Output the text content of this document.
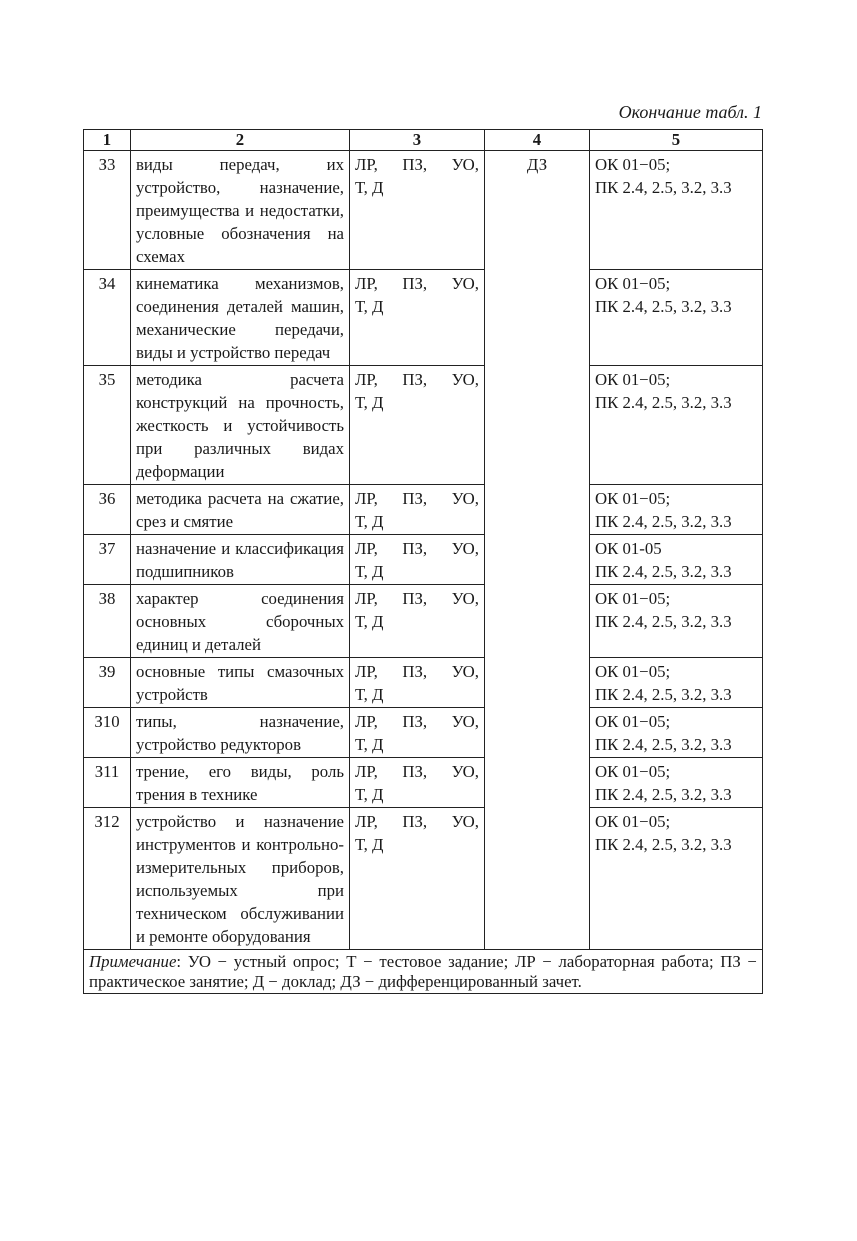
Окончание табл. 1
1	2	3	4	5
З3	виды передач, их устройство, назначение, преимущества и недостатки, условные обозначения на схемах	ЛР, ПЗ, УО,
Т, Д	ДЗ	ОК 01−05;
ПК 2.4, 2.5, 3.2, 3.3

З4	кинематика механизмов, соединения деталей машин, механические передачи, виды и устройство передач	ЛР, ПЗ, УО,
Т, Д		ОК 01−05;
ПК 2.4, 2.5, 3.2, 3.3

З5	методика расчета конструкций на прочность, жесткость и устойчивость при различных видах деформации	ЛР, ПЗ, УО,
Т, Д		ОК 01−05;
ПК 2.4, 2.5, 3.2, 3.3

З6	методика расчета на сжатие, срез и смятие	ЛР, ПЗ, УО,
Т, Д		ОК 01−05;
ПК 2.4, 2.5, 3.2, 3.3

З7	назначение и классификация подшипников	ЛР, ПЗ, УО,
Т, Д		ОК 01-05
ПК 2.4, 2.5, 3.2, 3.3

З8	характер соединения основных сборочных единиц и деталей	ЛР, ПЗ, УО,
Т, Д		ОК 01−05;
ПК 2.4, 2.5, 3.2, 3.3

З9	основные типы смазочных устройств	ЛР, ПЗ, УО,
Т, Д		ОК 01−05;
ПК 2.4, 2.5, 3.2, 3.3

З10	типы, назначение, устройство редукторов	ЛР, ПЗ, УО,
Т, Д		ОК 01−05;
ПК 2.4, 2.5, 3.2, 3.3

З11	трение, его виды, роль трения в технике	ЛР, ПЗ, УО,
Т, Д		ОК 01−05;
ПК 2.4, 2.5, 3.2, 3.3

З12	устройство и назначение инструментов и контрольно-измерительных приборов, используемых при техническом обслуживании и ремонте оборудования	ЛР, ПЗ, УО,
Т, Д		ОК 01−05;
ПК 2.4, 2.5, 3.2, 3.3

Примечание: УО − устный опрос; Т − тестовое задание; ЛР − лабораторная работа; ПЗ − практическое занятие; Д − доклад; ДЗ − дифференцированный зачет.				
